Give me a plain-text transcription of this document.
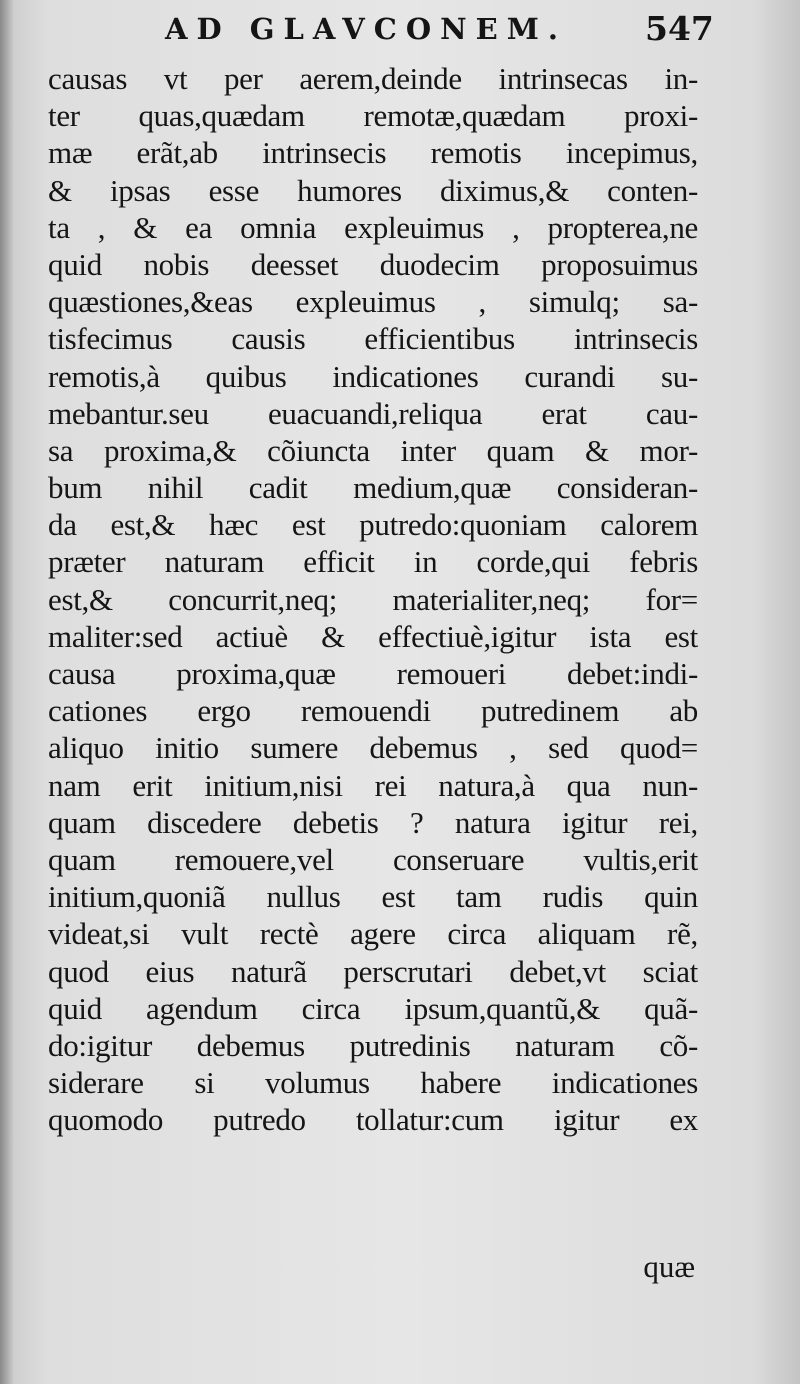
AD GLAVCONEM. 547
causas vt per aerem,deinde intrinsecas in-
ter quas,quædam remotæ,quædam proxi-
mæ erãt,ab intrinsecis remotis incepimus,
& ipsas esse humores diximus,& conten-
ta , & ea omnia expleuimus , propterea,ne
quid nobis deesset duodecim proposuimus
quæstiones,&eas expleuimus , simulq; sa-
tisfecimus causis efficientibus intrinsecis
remotis,à quibus indicationes curandi su-
mebantur.seu euacuandi,reliqua erat cau-
sa proxima,& cõiuncta inter quam & mor-
bum nihil cadit medium,quæ consideran-
da est,& hæc est putredo:quoniam calorem
præter naturam efficit in corde,qui febris
est,& concurrit,neq; materialiter,neq; for=
maliter:sed actiuè & effectiuè,igitur ista est
causa proxima,quæ remoueri debet:indi-
cationes ergo remouendi putredinem ab
aliquo initio sumere debemus , sed quod=
nam erit initium,nisi rei natura,à qua nun-
quam discedere debetis ? natura igitur rei,
quam remouere,vel conseruare vultis,erit
initium,quoniã nullus est tam rudis quin
videat,si vult rectè agere circa aliquam rẽ,
quod eius naturã perscrutari debet,vt sciat
quid agendum circa ipsum,quantũ,& quã-
do:igitur debemus putredinis naturam cõ-
siderare si volumus habere indicationes
quomodo putredo tollatur:cum igitur ex
quæ
